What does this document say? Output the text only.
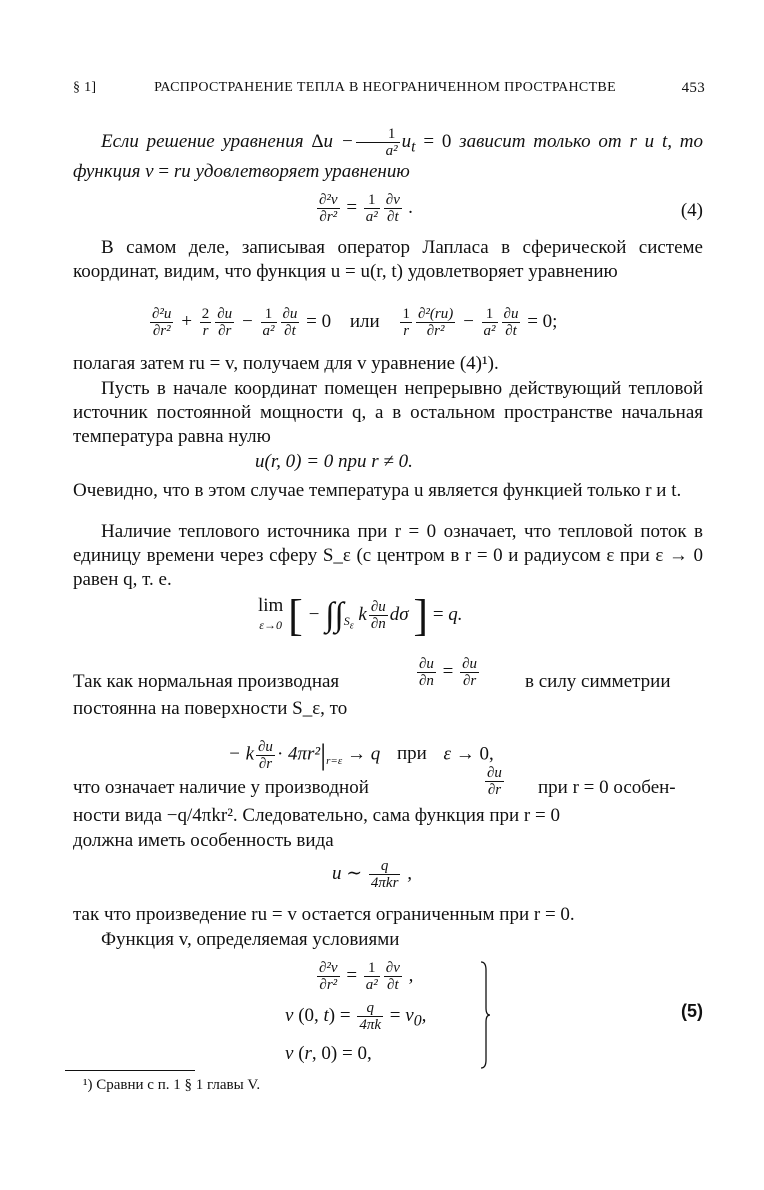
§ 1]	РАСПРОСТРАНЕНИЕ ТЕПЛА В НЕОГРАНИЧЕННОМ ПРОСТРАНСТВЕ	453
Если решение уравнения $\Delta u - \frac{1}{\text{a²}} u_t = 0$ зависит только от r и t, то функция v = ru удовлетворяет уравнению
$\frac{\text{∂²v}}{\text{∂r²}} = \frac{1}{\text{a²}} \frac{\partial v}{\partial t}$ .	(4)
В самом деле, записывая оператор Лапласа в сферической системе координат, видим, что функция u = u(r, t) удовлетворяет уравнению
$\frac{\text{∂²u}}{\text{∂r²}} + \frac{2}{r} \frac{\partial u}{\partial r} - \frac{1}{\text{a²}} \frac{\partial u}{\partial t} = 0$ или $\frac{1}{r} \frac{\text{∂²(ru)}}{\text{∂r²}} - \frac{1}{\text{a²}} \frac{\partial u}{\partial t} = 0$;
полагая затем ru = v, получаем для v уравнение (4)¹).
Пусть в начале координат помещен непрерывно действующий тепловой источник постоянной мощности q, а в остальном пространстве начальная температура равна нулю
u(r, 0) = 0 при r ≠ 0.
Очевидно, что в этом случае температура u является функцией только r и t.
Наличие теплового источника при r = 0 означает, что тепловой поток в единицу времени через сферу S_ε (с центром в r = 0 и радиусом ε при ε → 0 равен q, т. е.
lim
ε→0 [ − $\int\int_{S_\varepsilon}$ k $\frac{\partial u}{\partial n}$ dσ ] = q.
Так как нормальная производная	$\frac{\partial u}{\partial n} = \frac{\partial u}{\partial r}$ в силу симметрии
постоянна на поверхности S_ε, то
− k $\frac{\partial u}{\partial r} \cdot 4\pi r^2|_{r=\varepsilon} \to q$ при ε → 0,
что означает наличие у производной	$\frac{\partial u}{\partial r}$ при r = 0 особен-
ности вида −q/4πkr². Следовательно, сама функция при r = 0
должна иметь особенность вида
u ∼ $\frac{q}{\text{4πkr}}$ ,
так что произведение ru = v остается ограниченным при r = 0.
Функция v, определяемая условиями
$\frac{\text{∂²v}}{\text{∂r²}} = \frac{1}{\text{a²}} \frac{\partial v}{\partial t}$ ,
v (0, $t) = \frac{q}{4\pi k} = v_0$,
v (r, 0) = 0,
(5)
¹) Сравни с п. 1 § 1 главы V.
